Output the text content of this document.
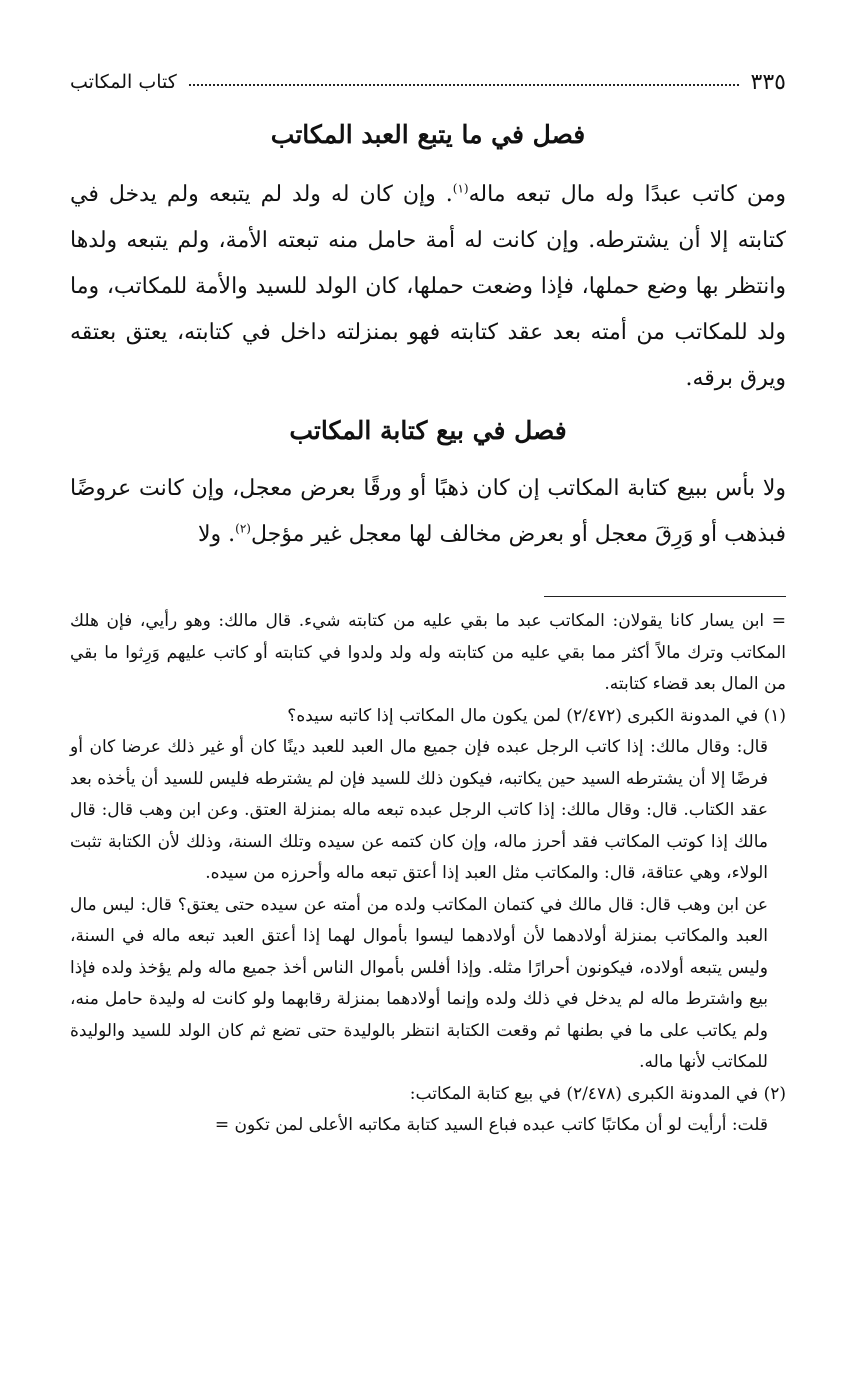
٣٣٥
كتاب المكاتب
فصل في ما يتبع العبد المكاتب
ومن كاتب عبدًا وله مال تبعه ماله$^{(١)}$. وإن كان له ولد لم يتبعه ولم يدخل في كتابته إلا أن يشترطه. وإن كانت له أمة حامل منه تبعته الأمة، ولم يتبعه ولدها وانتظر بها وضع حملها، فإذا وضعت حملها، كان الولد للسيد والأمة للمكاتب، وما ولد للمكاتب من أمته بعد عقد كتابته فهو بمنزلته داخل في كتابته، يعتق بعتقه ويرق برقه.
فصل في بيع كتابة المكاتب
ولا بأس ببيع كتابة المكاتب إن كان ذهبًا أو ورقًا بعرض معجل، وإن كانت عروضًا فبذهب أو وَرِقَ معجل أو بعرض مخالف لها معجل غير مؤجل$^{(٢)}$. ولا

= ابن يسار كانا يقولان: المكاتب عبد ما بقي عليه من كتابته شيء. قال مالك: وهو رأيي، فإن هلك المكاتب وترك مالاً أكثر مما بقي عليه من كتابته وله ولد ولدوا في كتابته أو كاتب عليهم وَرِثوا ما بقي من المال بعد قضاء كتابته.

(١) في المدونة الكبرى (٢/٤٧٢) لمن يكون مال المكاتب إذا كاتبه سيده؟

قال: وقال مالك: إذا كاتب الرجل عبده فإن جميع مال العبد للعبد دينًا كان أو غير ذلك عرضا كان أو فرضًا إلا أن يشترطه السيد حين يكاتبه، فيكون ذلك للسيد فإن لم يشترطه فليس للسيد أن يأخذه بعد عقد الكتاب. قال: وقال مالك: إذا كاتب الرجل عبده تبعه ماله بمنزلة العتق. وعن ابن وهب قال: قال مالك إذا كوتب المكاتب فقد أحرز ماله، وإن كان كتمه عن سيده وتلك السنة، وذلك لأن الكتابة تثبت الولاء، وهي عتاقة، قال: والمكاتب مثل العبد إذا أعتق تبعه ماله وأحرزه من سيده.

عن ابن وهب قال: قال مالك في كتمان المكاتب ولده من أمته عن سيده حتى يعتق؟ قال: ليس مال العبد والمكاتب بمنزلة أولادهما لأن أولادهما ليسوا بأموال لهما إذا أعتق العبد تبعه ماله في السنة، وليس يتبعه أولاده، فيكونون أحرارًا مثله. وإذا أفلس بأموال الناس أخذ جميع ماله ولم يؤخذ ولده فإذا بيع واشترط ماله لم يدخل في ذلك ولده وإنما أولادهما بمنزلة رقابهما ولو كانت له وليدة حامل منه، ولم يكاتب على ما في بطنها ثم وقعت الكتابة انتظر بالوليدة حتى تضع ثم كان الولد للسيد والوليدة للمكاتب لأنها ماله.

(٢) في المدونة الكبرى (٢/٤٧٨) في بيع كتابة المكاتب:

قلت: أرأيت لو أن مكاتبًا كاتب عبده فباع السيد كتابة مكاتبه الأعلى لمن تكون =
